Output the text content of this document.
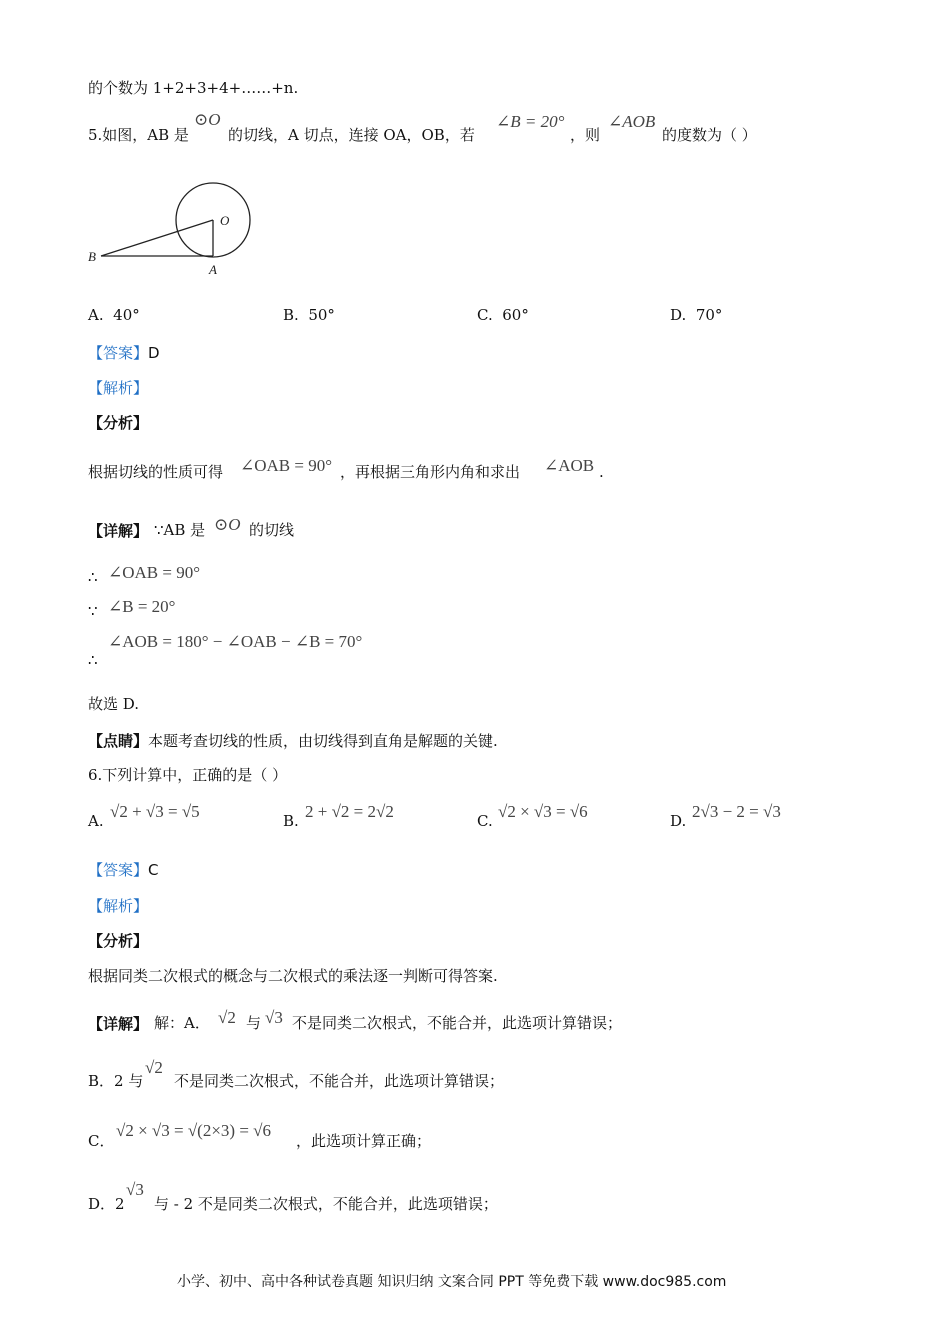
的个数为 1+2+3+4+……+n.
5.如图，AB 是
⊙O
的切线，A 切点，连接 OA，OB，若
∠B = 20°
，则
∠AOB
的度数为（ ）
B
O
A
A. 40°	B. 50°	C. 60°	D. 70°
【答案】D
【解析】
【分析】
根据切线的性质可得 ∠OAB = 90° ，再根据三角形内角和求出 ∠AOB .
【详解】 ∵AB 是 ⊙O 的切线
∴ ∠OAB = 90°
∵ ∠B = 20°
∠AOB = 180° − ∠OAB − ∠B = 70°
∴
故选 D.
【点睛】本题考查切线的性质，由切线得到直角是解题的关键.
6.下列计算中，正确的是（ ）
A. √2 + √3 = √5	B. 2 + √2 = 2√2	C. √2 × √3 = √6	D. 2√3 − 2 = √3
【答案】C
【解析】
【分析】
根据同类二次根式的概念与二次根式的乘法逐一判断可得答案.
【详解】 解：A． √2 与 √3 不是同类二次根式，不能合并，此选项计算错误；
B．2 与
√2
不是同类二次根式，不能合并，此选项计算错误；
C．
√2 × √3 = √(2×3) = √6
，此选项计算正确；
D．2
√3
与 - 2 不是同类二次根式，不能合并，此选项错误；
小学、初中、高中各种试卷真题 知识归纳 文案合同 PPT 等免费下载 www.doc985.com
